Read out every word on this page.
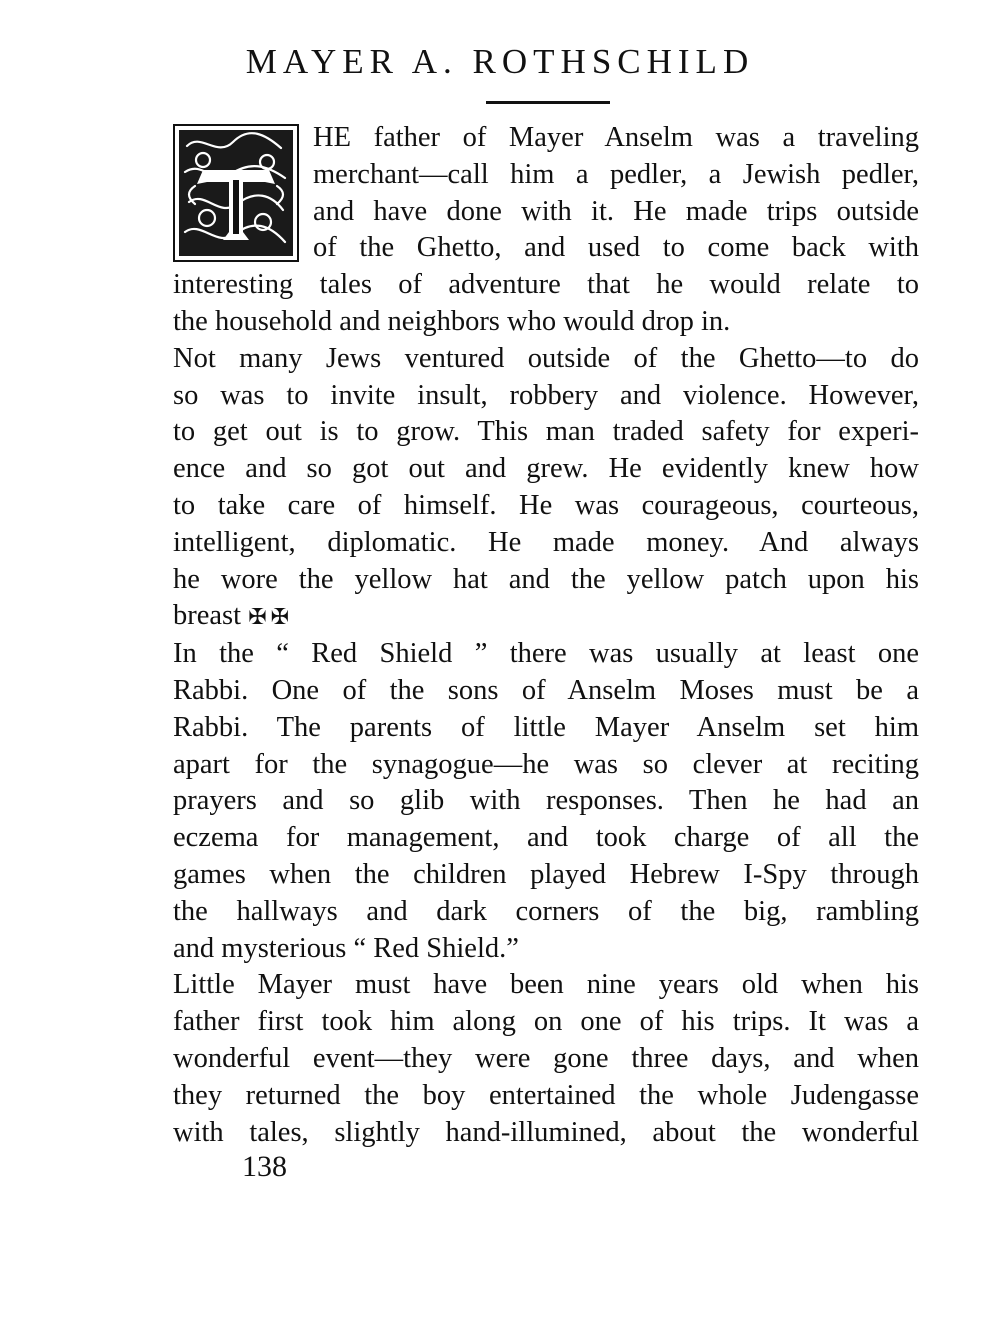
MAYER A. ROTHSCHILD
HE father of Mayer Anselm was a traveling
merchant—call him a pedler, a Jewish pedler,
and have done with it. He made trips outside
of the Ghetto, and used to come back with
interesting tales of adventure that he would relate to
the household and neighbors who would drop in.
Not many Jews ventured outside of the Ghetto—to do
so was to invite insult, robbery and violence. However,
to get out is to grow. This man traded safety for experi-
ence and so got out and grew. He evidently knew how
to take care of himself. He was courageous, courteous,
intelligent, diplomatic. He made money. And always
he wore the yellow hat and the yellow patch upon his
breast ✠✠
In the “ Red Shield ” there was usually at least one
Rabbi. One of the sons of Anselm Moses must be a
Rabbi. The parents of little Mayer Anselm set him
apart for the synagogue—he was so clever at reciting
prayers and so glib with responses. Then he had an
eczema for management, and took charge of all the
games when the children played Hebrew I-Spy through
the hallways and dark corners of the big, rambling
and mysterious “ Red Shield.”
Little Mayer must have been nine years old when his
father first took him along on one of his trips. It was a
wonderful event—they were gone three days, and when
they returned the boy entertained the whole Judengasse
with tales, slightly hand-illumined, about the wonderful
138
